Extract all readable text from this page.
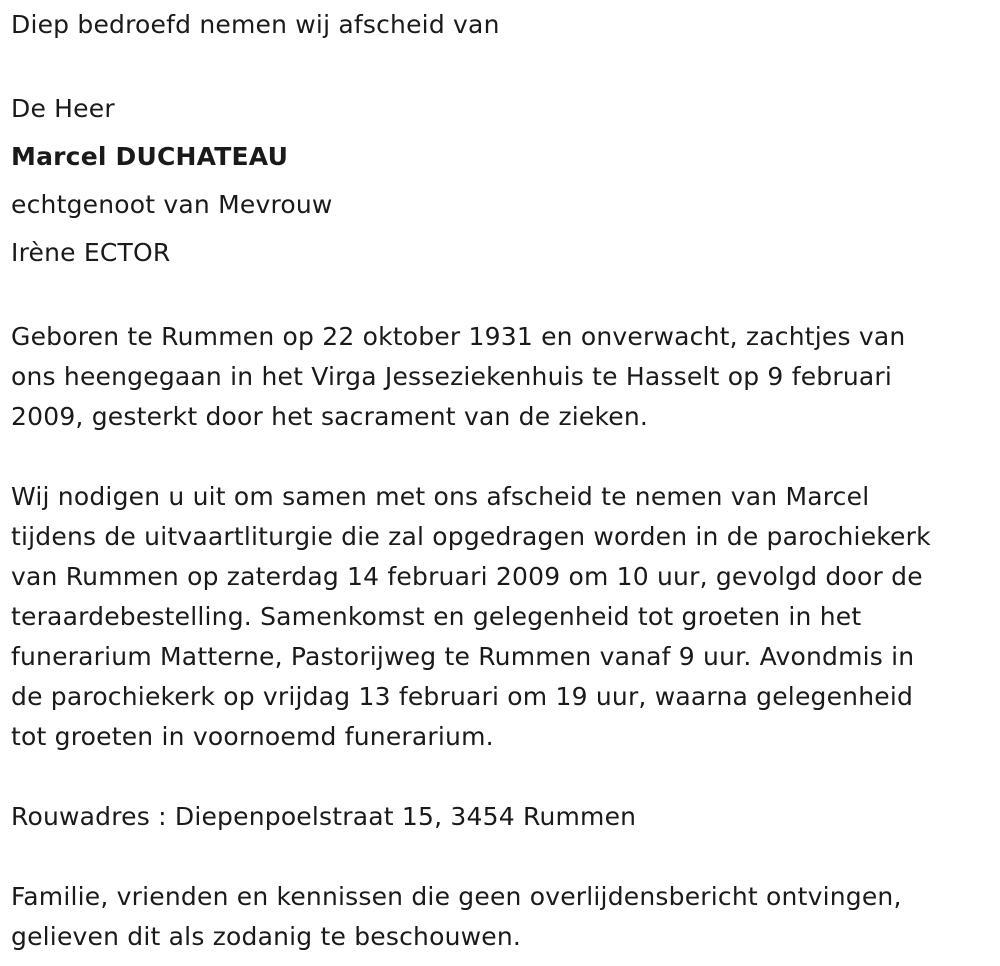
Diep bedroefd nemen wij afscheid van
De Heer
Marcel DUCHATEAU
echtgenoot van Mevrouw
Irène ECTOR
Geboren te Rummen op 22 oktober 1931 en onverwacht, zachtjes van
ons heengegaan in het Virga Jesseziekenhuis te Hasselt op 9 februari
2009, gesterkt door het sacrament van de zieken.
Wij nodigen u uit om samen met ons afscheid te nemen van Marcel
tijdens de uitvaartliturgie die zal opgedragen worden in de parochiekerk
van Rummen op zaterdag 14 februari 2009 om 10 uur, gevolgd door de
teraardebestelling. Samenkomst en gelegenheid tot groeten in het
funerarium Matterne, Pastorijweg te Rummen vanaf 9 uur. Avondmis in
de parochiekerk op vrijdag 13 februari om 19 uur, waarna gelegenheid
tot groeten in voornoemd funerarium.
Rouwadres : Diepenpoelstraat 15, 3454 Rummen
Familie, vrienden en kennissen die geen overlijdensbericht ontvingen,
gelieven dit als zodanig te beschouwen.
